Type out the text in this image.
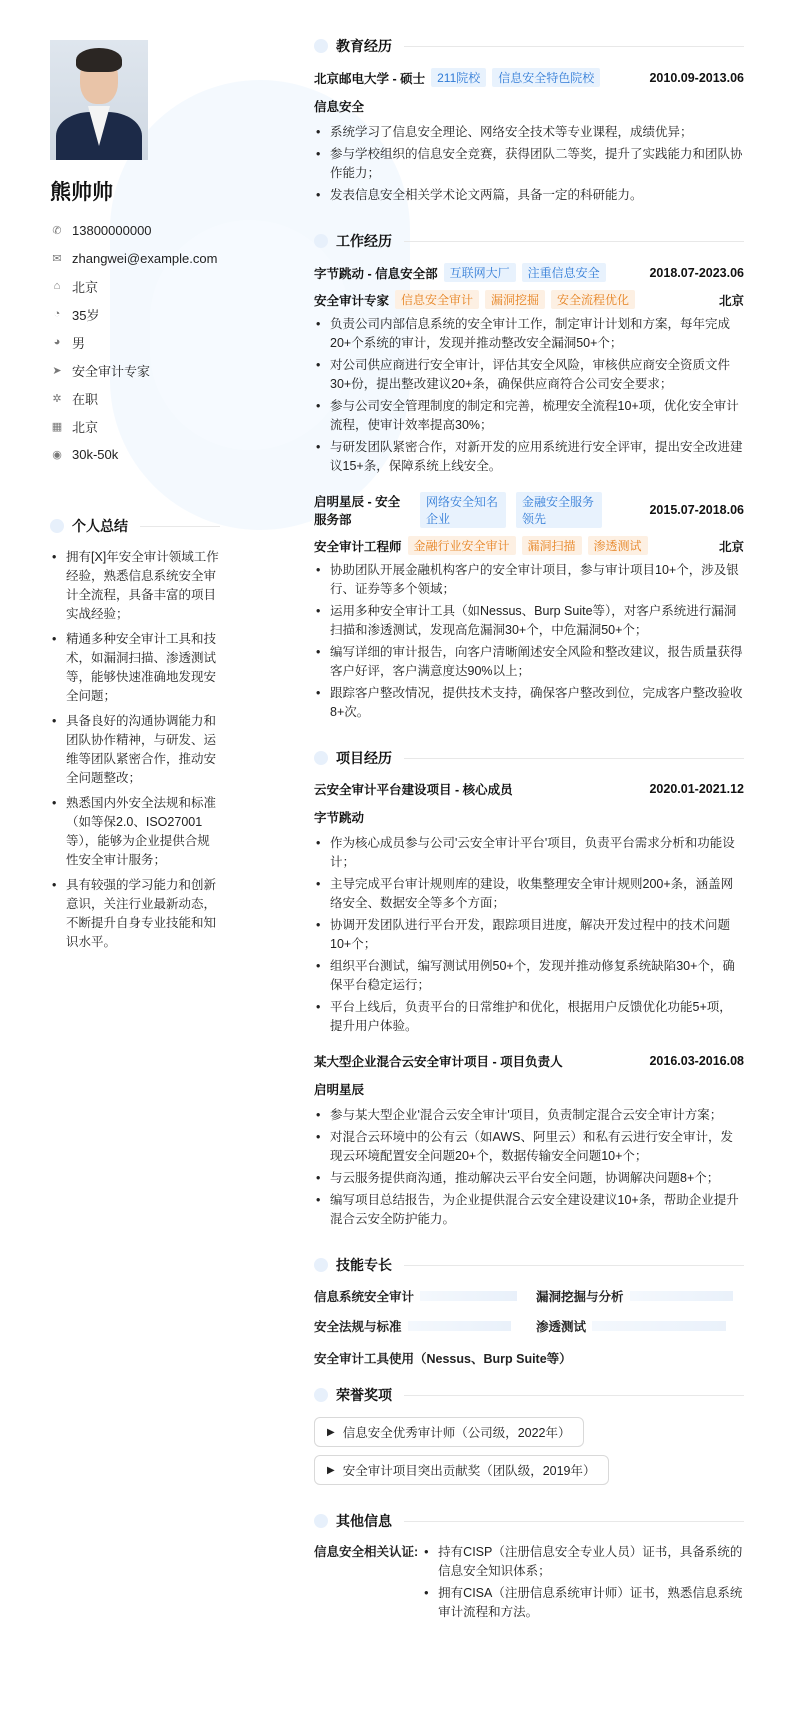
熊帅帅
✆ 13800000000
✉ zhangwei@example.com
⌂ 北京
◔ 35岁
◕ 男
➤ 安全审计专家
✲ 在职
▦ 北京
◉ 30k-50k
个人总结
• 拥有[X]年安全审计领域工作经验，熟悉信息系统安全审计全流程，具备丰富的项目实战经验；
• 精通多种安全审计工具和技术，如漏洞扫描、渗透测试等，能够快速准确地发现安全问题；
• 具备良好的沟通协调能力和团队协作精神，与研发、运维等团队紧密合作，推动安全问题整改；
• 熟悉国内外安全法规和标准（如等保2.0、ISO27001等），能够为企业提供合规性安全审计服务；
• 具有较强的学习能力和创新意识，关注行业最新动态，不断提升自身专业技能和知识水平。
教育经历
北京邮电大学 - 硕士	211院校	信息安全特色院校	2010.09-2013.06
信息安全
• 系统学习了信息安全理论、网络安全技术等专业课程，成绩优异；
• 参与学校组织的信息安全竞赛，获得团队二等奖，提升了实践能力和团队协作能力；
• 发表信息安全相关学术论文两篇，具备一定的科研能力。
工作经历
字节跳动 - 信息安全部	互联网大厂	注重信息安全	2018.07-2023.06
安全审计专家	信息安全审计	漏洞挖掘	安全流程优化	北京
• 负责公司内部信息系统的安全审计工作，制定审计计划和方案，每年完成20+个系统的审计，发现并推动整改安全漏洞50+个；
• 对公司供应商进行安全审计，评估其安全风险，审核供应商安全资质文件30+份，提出整改建议20+条，确保供应商符合公司安全要求；
• 参与公司安全管理制度的制定和完善，梳理安全流程10+项，优化安全审计流程，使审计效率提高30%；
• 与研发团队紧密合作，对新开发的应用系统进行安全评审，提出安全改进建议15+条，保障系统上线安全。
启明星辰 - 安全服务部
网络安全知名企业
金融安全服务领先
2015.07-2018.06
安全审计工程师	金融行业安全审计	漏洞扫描	渗透测试	北京
• 协助团队开展金融机构客户的安全审计项目，参与审计项目10+个，涉及银行、证券等多个领域；
• 运用多种安全审计工具（如Nessus、Burp Suite等），对客户系统进行漏洞扫描和渗透测试，发现高危漏洞30+个，中危漏洞50+个；
• 编写详细的审计报告，向客户清晰阐述安全风险和整改建议，报告质量获得客户好评，客户满意度达90%以上；
• 跟踪客户整改情况，提供技术支持，确保客户整改到位，完成客户整改验收8+次。
项目经历
云安全审计平台建设项目 - 核心成员	2020.01-2021.12
字节跳动
• 作为核心成员参与公司'云安全审计平台'项目，负责平台需求分析和功能设计；
• 主导完成平台审计规则库的建设，收集整理安全审计规则200+条，涵盖网络安全、数据安全等多个方面；
• 协调开发团队进行平台开发，跟踪项目进度，解决开发过程中的技术问题10+个；
• 组织平台测试，编写测试用例50+个，发现并推动修复系统缺陷30+个，确保平台稳定运行；
• 平台上线后，负责平台的日常维护和优化，根据用户反馈优化功能5+项，提升用户体验。
某大型企业混合云安全审计项目 - 项目负责人	2016.03-2016.08
启明星辰
• 参与某大型企业'混合云安全审计'项目，负责制定混合云安全审计方案；
• 对混合云环境中的公有云（如AWS、阿里云）和私有云进行安全审计，发现云环境配置安全问题20+个，数据传输安全问题10+个；
• 与云服务提供商沟通，推动解决云平台安全问题，协调解决问题8+个；
• 编写项目总结报告，为企业提供混合云安全建设建议10+条，帮助企业提升混合云安全防护能力。
技能专长
信息系统安全审计	漏洞挖掘与分析
安全法规与标准	渗透测试
安全审计工具使用（Nessus、Burp Suite等）
荣誉奖项
▶ 信息安全优秀审计师（公司级，2022年）
▶ 安全审计项目突出贡献奖（团队级，2019年）
其他信息
信息安全相关认证:
•	持有CISP（注册信息安全专业人员）证书，具备系统的信息安全知识体系；
• 拥有CISA（注册信息系统审计师）证书，熟悉信息系统审计流程和方法。
